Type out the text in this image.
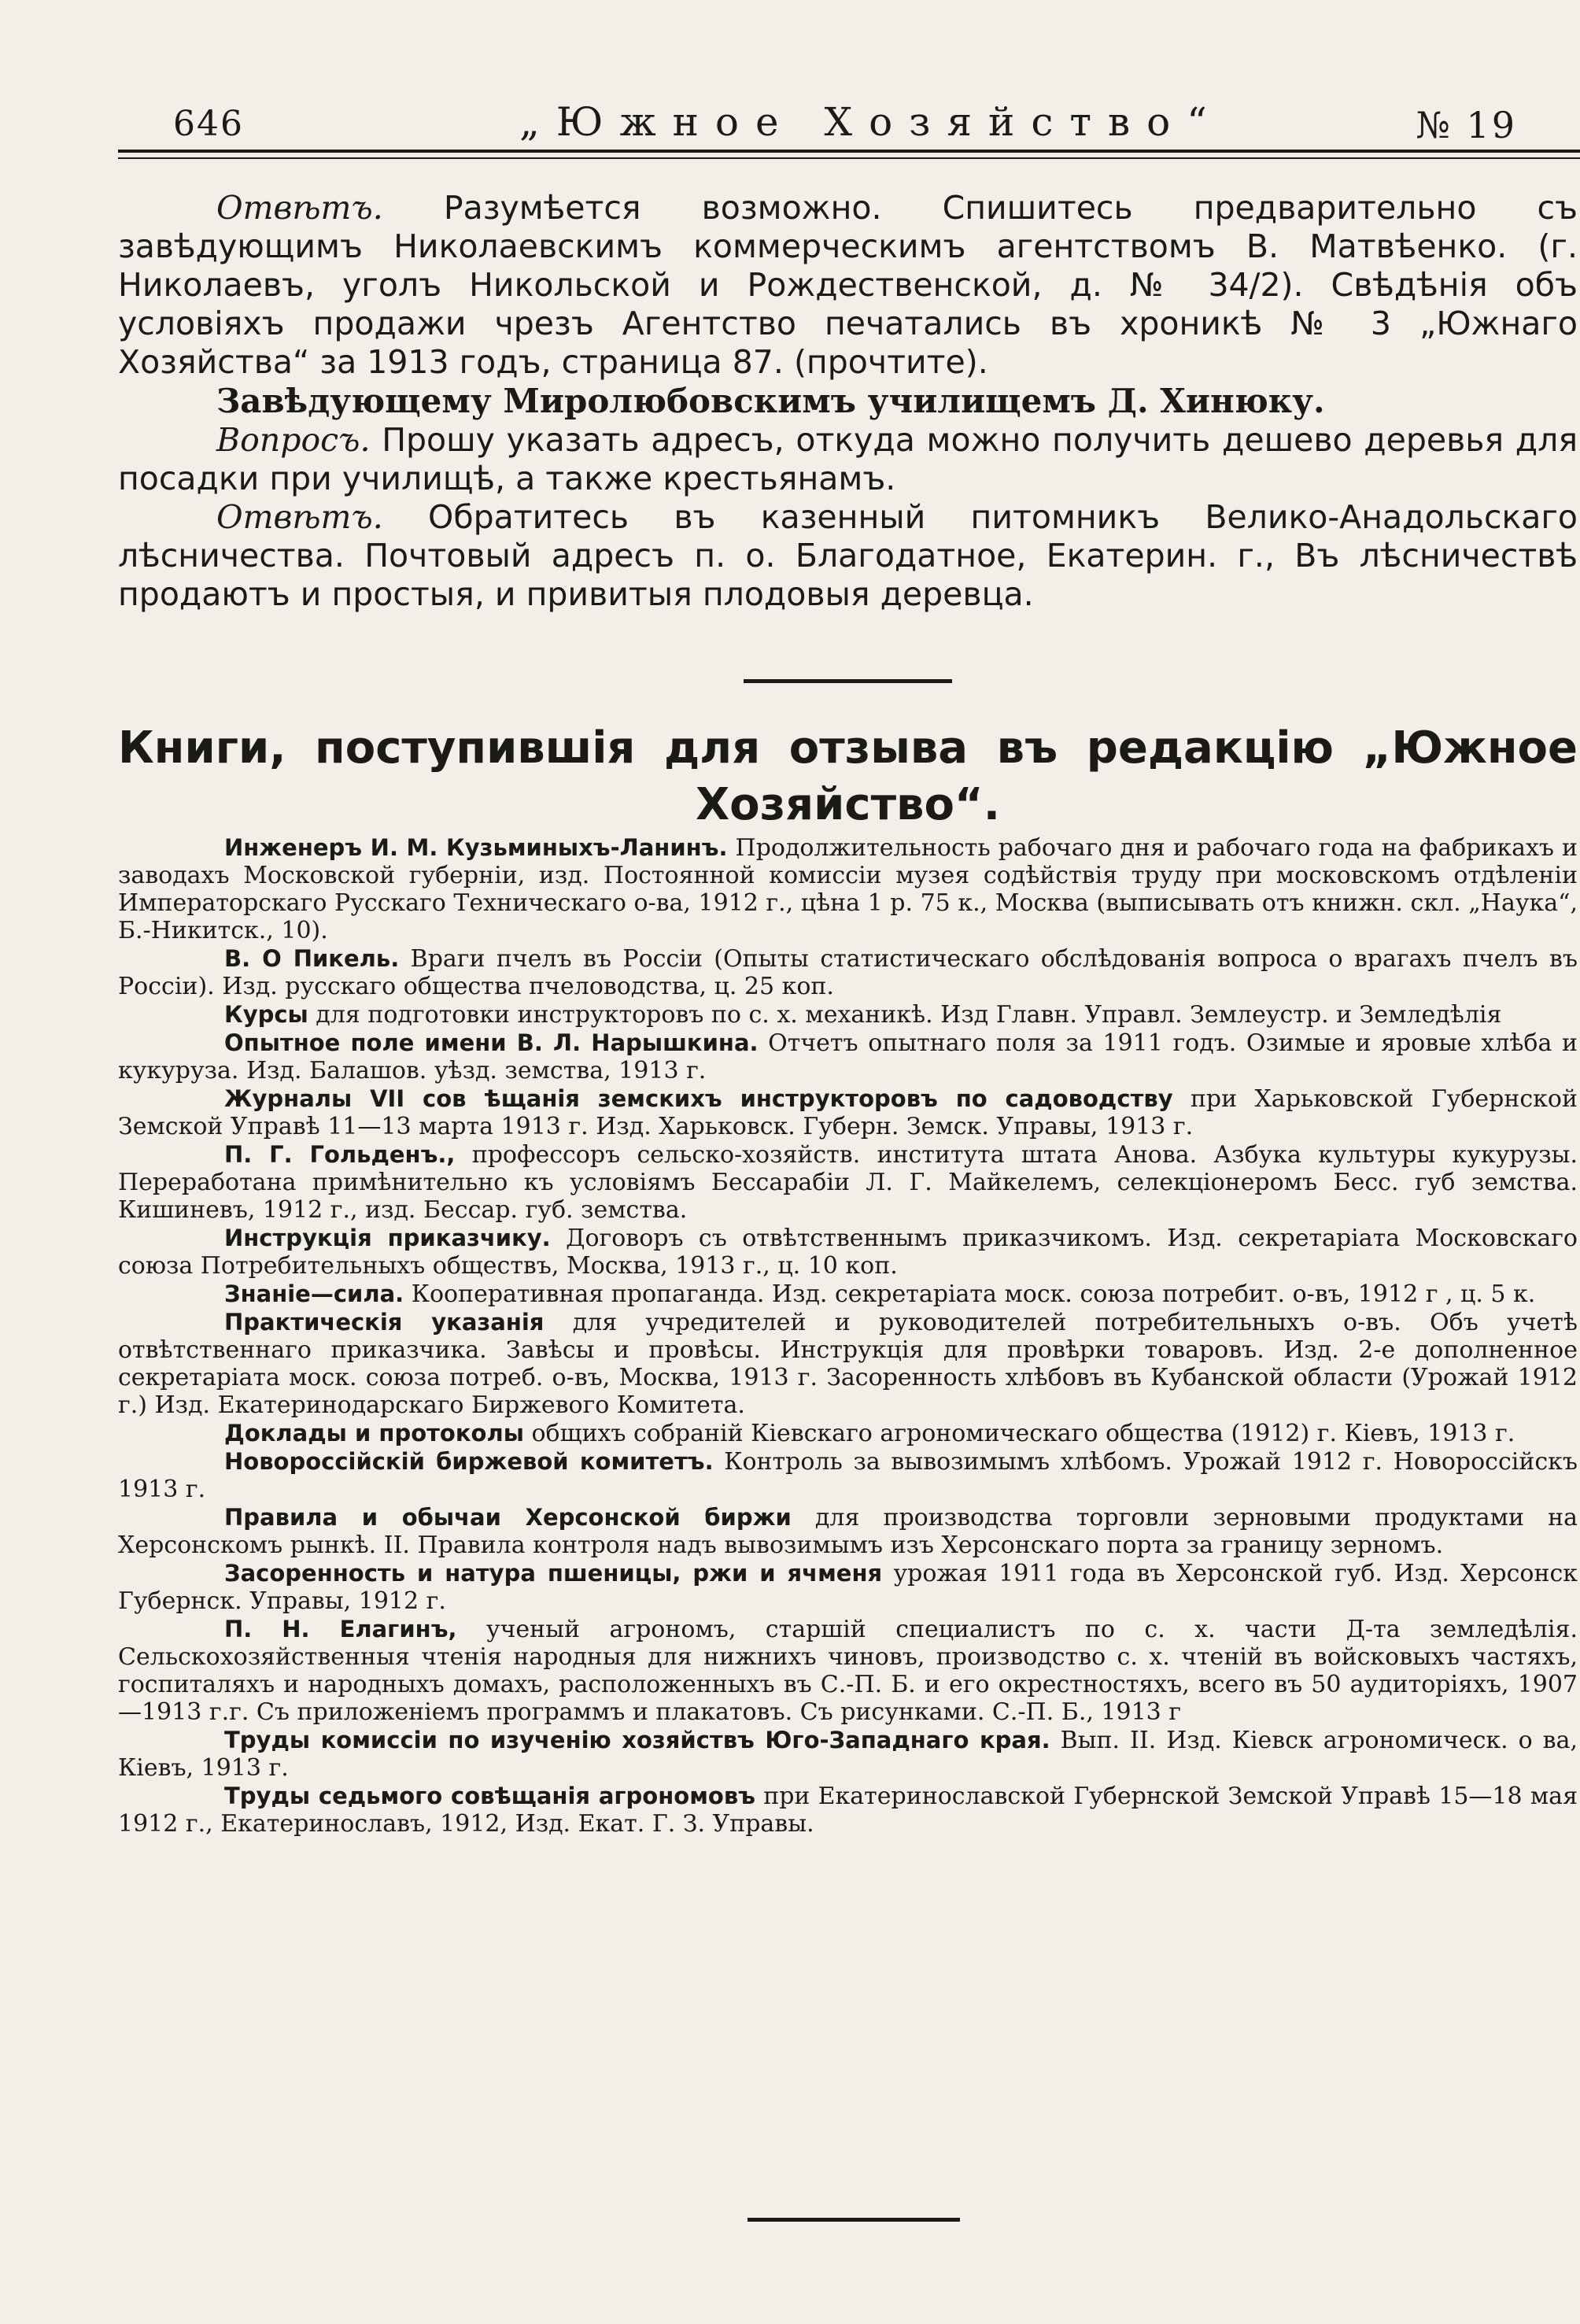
646	„Южное Хозяйство“	№ 19

Отвѣтъ. Разумѣется возможно. Спишитесь предварительно съ завѣдующимъ Николаевскимъ коммерческимъ агентствомъ В. Матвѣенко. (г. Николаевъ, уголъ Никольской и Рождественской, д. № 34/2). Свѣдѣнія объ условіяхъ продажи чрезъ Агентство печатались въ хроникѣ № 3 „Южнаго Хозяйства“ за 1913 годъ, страница 87. (прочтите).

Завѣдующему Миролюбовскимъ училищемъ Д. Хинюку.

Вопросъ. Прошу указать адресъ, откуда можно получить дешево деревья для посадки при училищѣ, а также крестьянамъ.

Отвѣтъ. Обратитесь въ казенный питомникъ Велико-Анадольскаго лѣсничества. Почтовый адресъ п. о. Благодатное, Екатерин. г., Въ лѣсничествѣ продаютъ и простыя, и привитыя плодовыя деревца.

Книги, поступившія для отзыва въ редакцію „Южное
Хозяйство“.

Инженеръ И. М. Кузьминыхъ-Ланинъ. Продолжительность рабочаго дня и рабочаго года на фабрикахъ и заводахъ Московской губерніи, изд. Постоянной комиссіи музея содѣйствія труду при московскомъ отдѣленіи Императорскаго Русскаго Техническаго о-ва, 1912 г., цѣна 1 р. 75 к., Москва (выписывать отъ книжн. скл. „Наука“, Б.-Никитск., 10).

В. О Пикель. Враги пчелъ въ Россіи (Опыты статистическаго обслѣдованія вопроса о врагахъ пчелъ въ Россіи). Изд. русскаго общества пчеловодства, ц. 25 коп.

Курсы для подготовки инструкторовъ по с. х. механикѣ. Изд Главн. Управл. Землеустр. и Земледѣлія

Опытное поле имени В. Л. Нарышкина. Отчетъ опытнаго поля за 1911 годъ. Озимые и яровые хлѣба и кукуруза. Изд. Балашов. уѣзд. земства, 1913 г.

Журналы VII сов ѣщанія земскихъ инструкторовъ по садоводству при Харьковской Губернской Земской Управѣ 11—13 марта 1913 г. Изд. Харьковск. Губерн. Земск. Управы, 1913 г.

П. Г. Гольденъ., профессоръ сельско-хозяйств. института штата Анова. Азбука культуры кукурузы. Переработана примѣнительно къ условіямъ Бессарабіи Л. Г. Майкелемъ, селекціонеромъ Бесс. губ земства. Кишиневъ, 1912 г., изд. Бессар. губ. земства.

Инструкція приказчику. Договоръ съ отвѣтственнымъ приказчикомъ. Изд. секретаріата Московскаго союза Потребительныхъ обществъ, Москва, 1913 г., ц. 10 коп.

Знаніе—сила. Кооперативная пропаганда. Изд. секретаріата моск. союза потребит. о-въ, 1912 г , ц. 5 к.

Практическія указанія для учредителей и руководителей потребительныхъ о-въ. Объ учетѣ отвѣтственнаго приказчика. Завѣсы и провѣсы. Инструкція для провѣрки товаровъ. Изд. 2-е дополненное секретаріата моск. союза потреб. о-въ, Москва, 1913 г. Засоренность хлѣбовъ въ Кубанской области (Урожай 1912 г.) Изд. Екатеринодарскаго Биржевого Комитета.

Доклады и протоколы общихъ собраній Кіевскаго агрономическаго общества (1912) г. Кіевъ, 1913 г.

Новороссійскій биржевой комитетъ. Контроль за вывозимымъ хлѣбомъ. Урожай 1912 г. Новороссійскъ 1913 г.

Правила и обычаи Херсонской биржи для производства торговли зерновыми продуктами на Херсонскомъ рынкѣ. II. Правила контроля надъ вывозимымъ изъ Херсонскаго порта за границу зерномъ.

Засоренность и натура пшеницы, ржи и ячменя урожая 1911 года въ Херсонской губ. Изд. Херсонск Губернск. Управы, 1912 г.

П. Н. Елагинъ, ученый агрономъ, старшій специалистъ по с. х. части Д-та земледѣлія. Сельскохозяйственныя чтенія народныя для нижнихъ чиновъ, производство с. х. чтеній въ войсковыхъ частяхъ, госпиталяхъ и народныхъ домахъ, расположенныхъ въ С.-П. Б. и его окрестностяхъ, всего въ 50 аудиторіяхъ, 1907—1913 г.г. Съ приложеніемъ программъ и плакатовъ. Съ рисунками. С.-П. Б., 1913 г

Труды комиссіи по изученію хозяйствъ Юго-Западнаго края. Вып. II. Изд. Кіевск агрономическ. о ва, Кіевъ, 1913 г.

Труды седьмого совѣщанія агрономовъ при Екатеринославской Губернской Земской Управѣ 15—18 мая 1912 г., Екатеринославъ, 1912, Изд. Екат. Г. З. Управы.
